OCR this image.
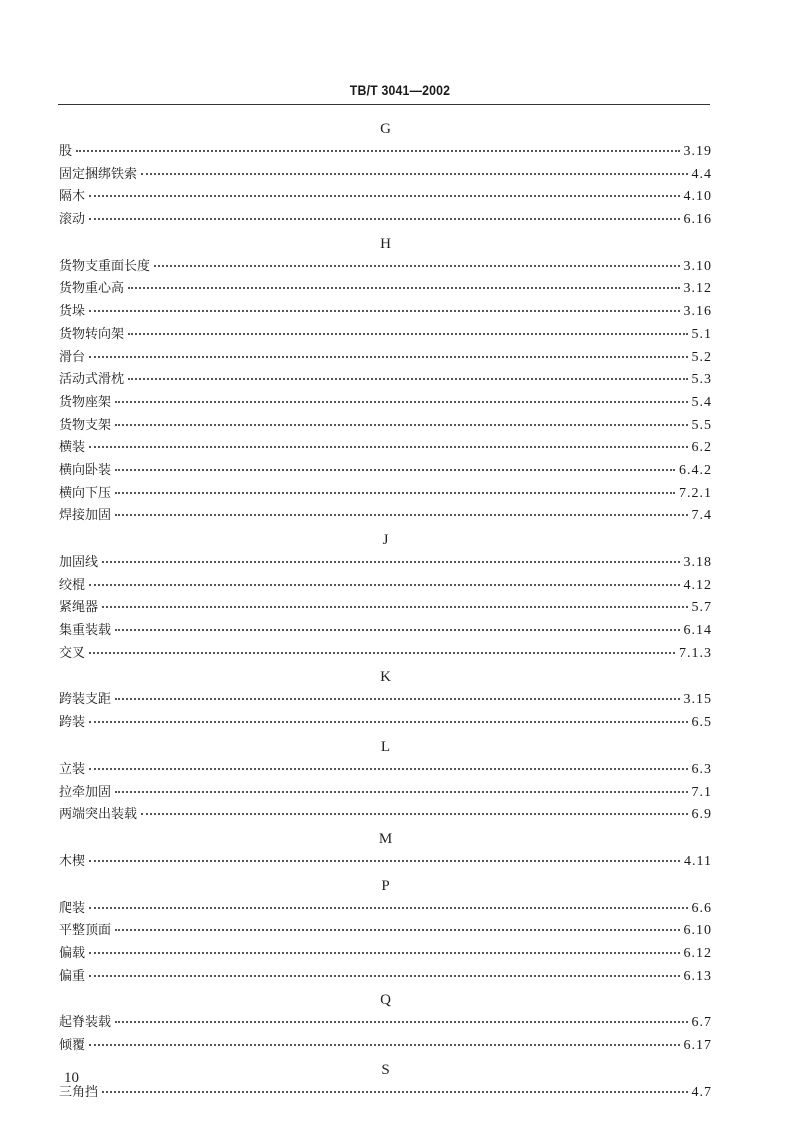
TB/T 3041—2002
G
股	3.19
固定捆绑铁索	4.4
隔木	4.10
滚动	6.16
H
货物支重面长度	3.10
货物重心高	3.12
货垛	3.16
货物转向架	5.1
滑台	5.2
活动式滑枕	5.3
货物座架	5.4
货物支架	5.5
横装	6.2
横向卧装	6.4.2
横向下压	7.2.1
焊接加固	7.4
J
加固线	3.18
绞棍	4.12
紧绳器	5.7
集重装载	6.14
交叉	7.1.3
K
跨装支距	3.15
跨装	6.5
L
立装	6.3
拉牵加固	7.1
两端突出装载	6.9
M
木楔	4.11
P
爬装	6.6
平整顶面	6.10
偏载	6.12
偏重	6.13
Q
起脊装载	6.7
倾覆	6.17
S
三角挡	4.7
10
